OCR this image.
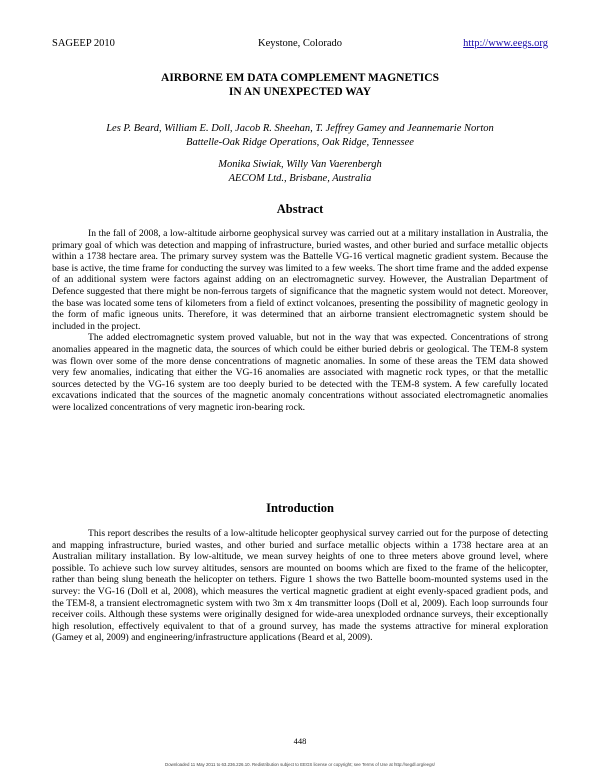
SAGEEP 2010	Keystone, Colorado	http://www.eegs.org
AIRBORNE EM DATA COMPLEMENT MAGNETICS
IN AN UNEXPECTED WAY
Les P. Beard, William E. Doll, Jacob R. Sheehan, T. Jeffrey Gamey and Jeannemarie Norton
Battelle-Oak Ridge Operations, Oak Ridge, Tennessee
Monika Siwiak, Willy Van Vaerenbergh
AECOM Ltd., Brisbane, Australia
Abstract

In the fall of 2008, a low-altitude airborne geophysical survey was carried out at a military installation in Australia, the primary goal of which was detection and mapping of infrastructure, buried wastes, and other buried and surface metallic objects within a 1738 hectare area. The primary survey system was the Battelle VG-16 vertical magnetic gradient system. Because the base is active, the time frame for conducting the survey was limited to a few weeks. The short time frame and the added expense of an additional system were factors against adding on an electromagnetic survey. However, the Australian Department of Defence suggested that there might be non-ferrous targets of significance that the magnetic system would not detect. Moreover, the base was located some tens of kilometers from a field of extinct volcanoes, presenting the possibility of magnetic geology in the form of mafic igneous units. Therefore, it was determined that an airborne transient electromagnetic system should be included in the project.

The added electromagnetic system proved valuable, but not in the way that was expected. Concentrations of strong anomalies appeared in the magnetic data, the sources of which could be either buried debris or geological. The TEM-8 system was flown over some of the more dense concentrations of magnetic anomalies. In some of these areas the TEM data showed very few anomalies, indicating that either the VG-16 anomalies are associated with magnetic rock types, or that the metallic sources detected by the VG-16 system are too deeply buried to be detected with the TEM-8 system. A few carefully located excavations indicated that the sources of the magnetic anomaly concentrations without associated electromagnetic anomalies were localized concentrations of very magnetic iron-bearing rock.

Introduction

This report describes the results of a low-altitude helicopter geophysical survey carried out for the purpose of detecting and mapping infrastructure, buried wastes, and other buried and surface metallic objects within a 1738 hectare area at an Australian military installation. By low-altitude, we mean survey heights of one to three meters above ground level, where possible. To achieve such low survey altitudes, sensors are mounted on booms which are fixed to the frame of the helicopter, rather than being slung beneath the helicopter on tethers. Figure 1 shows the two Battelle boom-mounted systems used in the survey: the VG-16 (Doll et al, 2008), which measures the vertical magnetic gradient at eight evenly-spaced gradient pods, and the TEM-8, a transient electromagnetic system with two 3m x 4m transmitter loops (Doll et al, 2009). Each loop surrounds four receiver coils. Although these systems were originally designed for wide-area unexploded ordnance surveys, their exceptionally high resolution, effectively equivalent to that of a ground survey, has made the systems attractive for mineral exploration (Gamey et al, 2009) and engineering/infrastructure applications (Beard et al, 2009).

448
Downloaded 11 May 2011 to 63.236.226.10. Redistribution subject to EEGS license or copyright; see Terms of Use at http://segdl.org/eegs/
